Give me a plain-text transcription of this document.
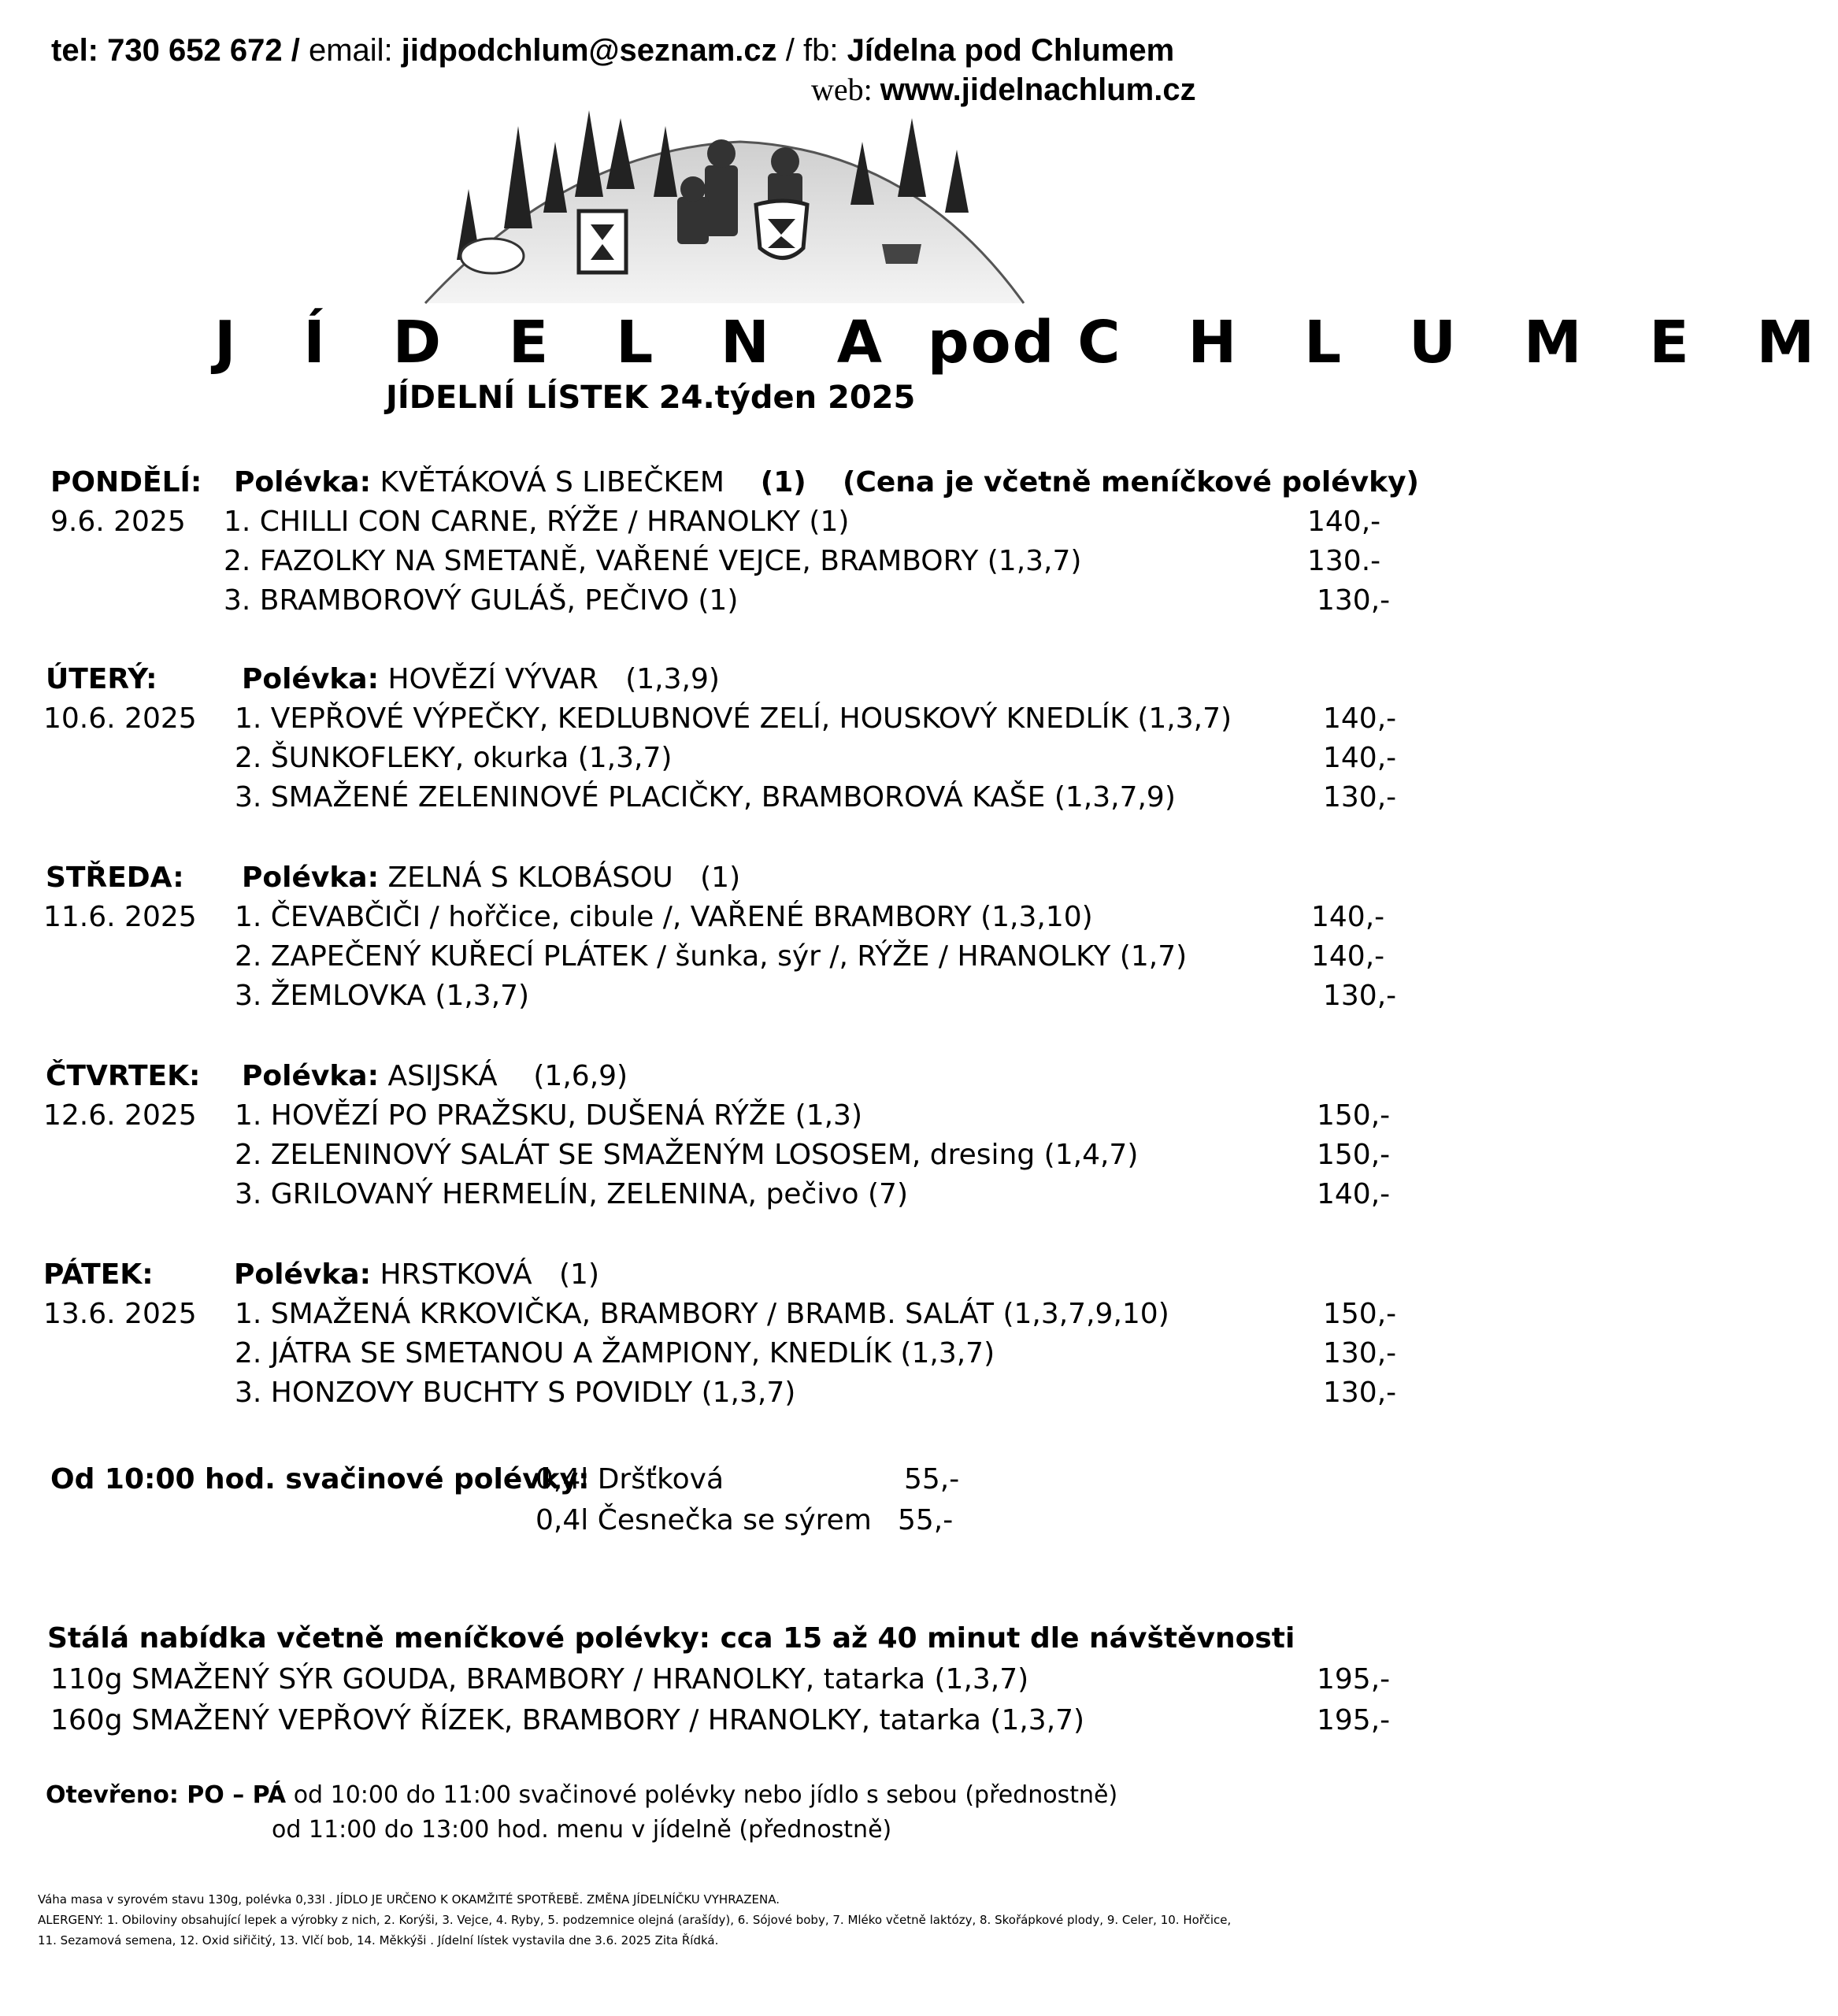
tel: 730 652 672 / email: jidpodchlum@seznam.cz / fb: Jídelna pod Chlumem
web: www.jidelnachlum.cz
J Í D E L N A pod C H L U M E M
JÍDELNÍ LÍSTEK 24.týden 2025
PONDĚLÍ: Polévka: KVĚTÁKOVÁ S LIBEČKEM (1) (Cena je včetně meníčkové polévky)
9.6. 2025 1. CHILLI CON CARNE, RÝŽE / HRANOLKY (1)	140,-
2. FAZOLKY NA SMETANĚ, VAŘENÉ VEJCE, BRAMBORY (1,3,7)	130.-
3. BRAMBOROVÝ GULÁŠ, PEČIVO (1)	130,-
ÚTERÝ:	Polévka: HOVĚZÍ VÝVAR (1,3,9)
10.6. 2025 1. VEPŘOVÉ VÝPEČKY, KEDLUBNOVÉ ZELÍ, HOUSKOVÝ KNEDLÍK (1,3,7)	140,-
2. ŠUNKOFLEKY, okurka (1,3,7)	140,-
3. SMAŽENÉ ZELENINOVÉ PLACIČKY, BRAMBOROVÁ KAŠE (1,3,7,9)	130,-
STŘEDA: Polévka: ZELNÁ S KLOBÁSOU (1)
11.6. 2025 1. ČEVABČIČI / hořčice, cibule /, VAŘENÉ BRAMBORY (1,3,10)	140,-
2. ZAPEČENÝ KUŘECÍ PLÁTEK / šunka, sýr /, RÝŽE / HRANOLKY (1,7)	140,-
3. ŽEMLOVKA (1,3,7)	130,-
ČTVRTEK: Polévka: ASIJSKÁ (1,6,9)
12.6. 2025 1. HOVĚZÍ PO PRAŽSKU, DUŠENÁ RÝŽE (1,3)	150,-
2. ZELENINOVÝ SALÁT SE SMAŽENÝM LOSOSEM, dresing (1,4,7)	150,-
3. GRILOVANÝ HERMELÍN, ZELENINA, pečivo (7)	140,-
PÁTEK:	Polévka: HRSTKOVÁ (1)
13.6. 2025 1. SMAŽENÁ KRKOVIČKA, BRAMBORY / BRAMB. SALÁT (1,3,7,9,10)	150,-
2. JÁTRA SE SMETANOU A ŽAMPIONY, KNEDLÍK (1,3,7)	130,-
3. HONZOVY BUCHTY S POVIDLY (1,3,7)	130,-
Od 10:00 hod. svačinové polévky:
0,4l Dršťková	55,-
0,4l Česnečka se sýrem 55,-
Stálá nabídka včetně meníčkové polévky: cca 15 až 40 minut dle návštěvnosti
110g SMAŽENÝ SÝR GOUDA, BRAMBORY / HRANOLKY, tatarka (1,3,7)	195,-
160g SMAŽENÝ VEPŘOVÝ ŘÍZEK, BRAMBORY / HRANOLKY, tatarka (1,3,7)	195,-
Otevřeno: PO – PÁ od 10:00 do 11:00 svačinové polévky nebo jídlo s sebou (přednostně)
od 11:00 do 13:00 hod. menu v jídelně (přednostně)
Váha masa v syrovém stavu 130g, polévka 0,33l . JÍDLO JE URČENO K OKAMŽITÉ SPOTŘEBĚ. ZMĚNA JÍDELNÍČKU VYHRAZENA.
ALERGENY: 1. Obiloviny obsahující lepek a výrobky z nich, 2. Korýši, 3. Vejce, 4. Ryby, 5. podzemnice olejná (arašídy), 6. Sójové boby, 7. Mléko včetně laktózy, 8. Skořápkové plody, 9. Celer, 10. Hořčice,
11. Sezamová semena, 12. Oxid siřičitý, 13. Vlčí bob, 14. Měkkýši . Jídelní lístek vystavila dne 3.6. 2025 Zita Řídká.
